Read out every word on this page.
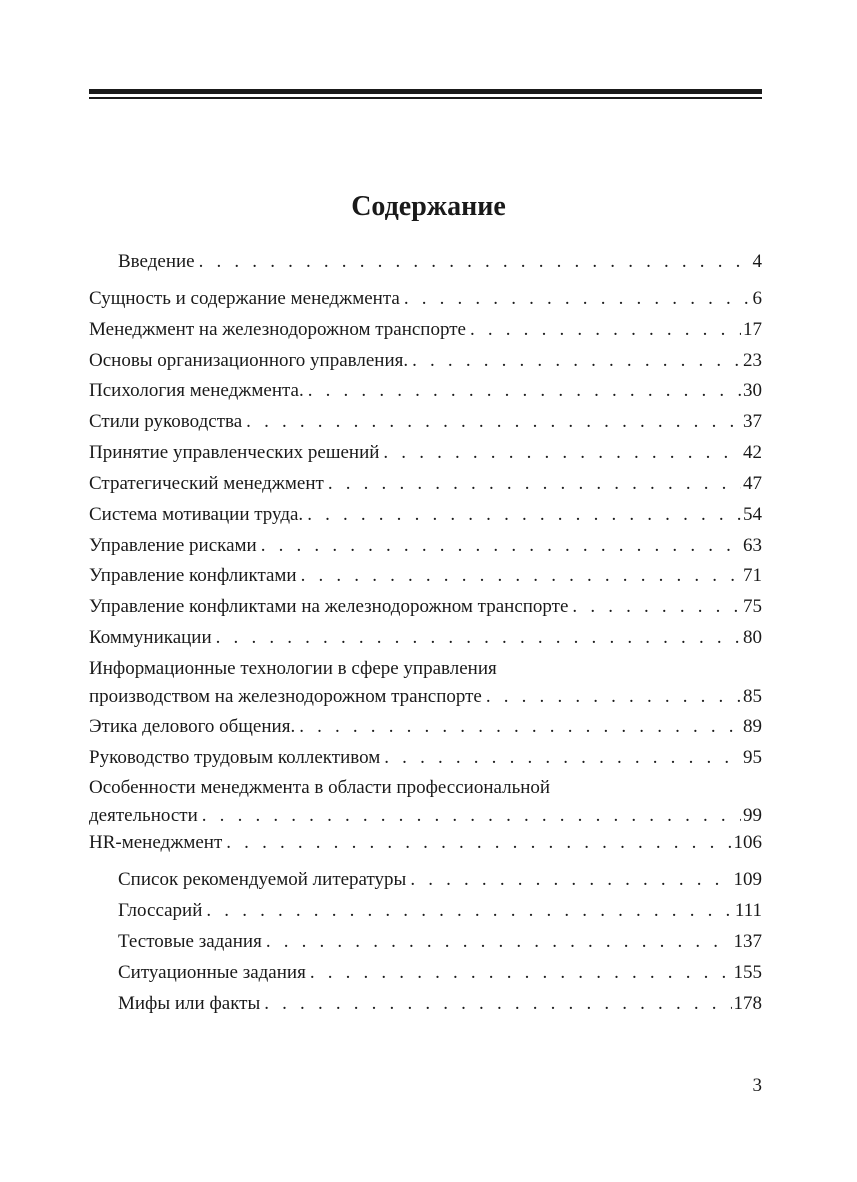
Содержание
Введение . . .	4
Сущность и содержание менеджмента . . .	6
Менеджмент на железнодорожном транспорте . . .	17
Основы организационного управления. . . .	23
Психология менеджмента. . . .	30
Стили руководства . . .	37
Принятие управленческих решений . . .	42
Стратегический менеджмент . . .	47
Система мотивации труда. . . .	54
Управление рисками . . .	63
Управление конфликтами . . .	71
Управление конфликтами на железнодорожном транспорте . . .	75
Коммуникации . . .	80
Информационные технологии в сфере управления
производством на железнодорожном транспорте . . .	85
Этика делового общения. . . .	89
Руководство трудовым коллективом . . .	95
Особенности менеджмента в области профессиональной
деятельности . . .	99
HR-менеджмент . . .	106
Список рекомендуемой литературы . . .	109
Глоссарий . . .	111
Тестовые задания . . .	137
Ситуационные задания . . .	155
Мифы или факты . . .	178
3
